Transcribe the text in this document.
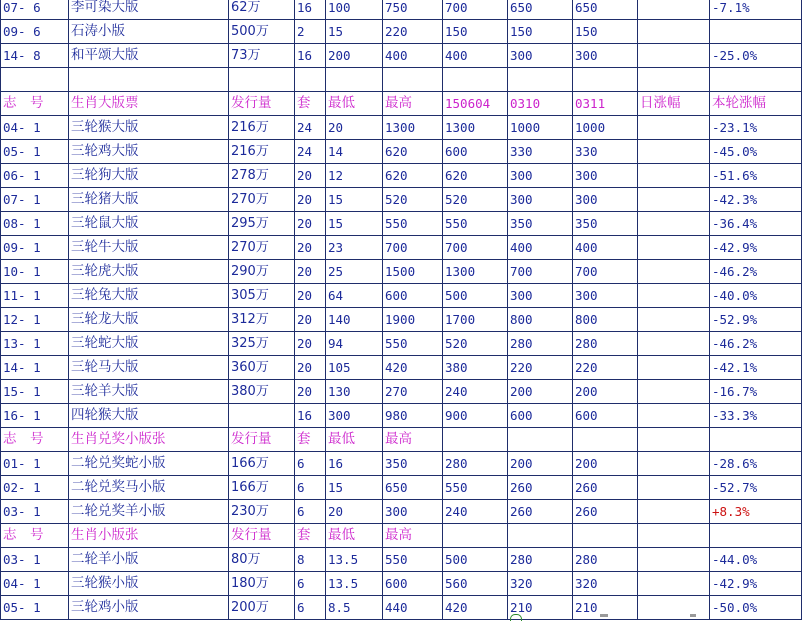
07- 6	李可染大版	62万	16	100	750	700	650	650		-7.1%
09- 6	石涛小版	500万	2	15	220	150	150	150		
14- 8	和平颂大版	73万	16	200	400	400	300	300		-25.0%

志　号	生肖大版票	发行量	套	最低	最高	150604	0310	0311	日涨幅	本轮涨幅
04- 1	三轮猴大版	216万	24	20	1300	1300	1000	1000		-23.1%
05- 1	三轮鸡大版	216万	24	14	620	600	330	330		-45.0%
06- 1	三轮狗大版	278万	20	12	620	620	300	300		-51.6%
07- 1	三轮猪大版	270万	20	15	520	520	300	300		-42.3%
08- 1	三轮鼠大版	295万	20	15	550	550	350	350		-36.4%
09- 1	三轮牛大版	270万	20	23	700	700	400	400		-42.9%
10- 1	三轮虎大版	290万	20	25	1500	1300	700	700		-46.2%
11- 1	三轮兔大版	305万	20	64	600	500	300	300		-40.0%
12- 1	三轮龙大版	312万	20	140	1900	1700	800	800		-52.9%
13- 1	三轮蛇大版	325万	20	94	550	520	280	280		-46.2%
14- 1	三轮马大版	360万	20	105	420	380	220	220		-42.1%
15- 1	三轮羊大版	380万	20	130	270	240	200	200		-16.7%
16- 1	四轮猴大版		16	300	980	900	600	600		-33.3%
志　号	生肖兑奖小版张	发行量	套	最低	最高					
01- 1	二轮兑奖蛇小版	166万	6	16	350	280	200	200		-28.6%
02- 1	二轮兑奖马小版	166万	6	15	650	550	260	260		-52.7%
03- 1	二轮兑奖羊小版	230万	6	20	300	240	260	260		+8.3%
志　号	生肖小版张	发行量	套	最低	最高					
03- 1	二轮羊小版	80万	8	13.5	550	500	280	280		-44.0%
04- 1	三轮猴小版	180万	6	13.5	600	560	320	320		-42.9%
05- 1	三轮鸡小版	200万	6	8.5	440	420	210	210		-50.0%
